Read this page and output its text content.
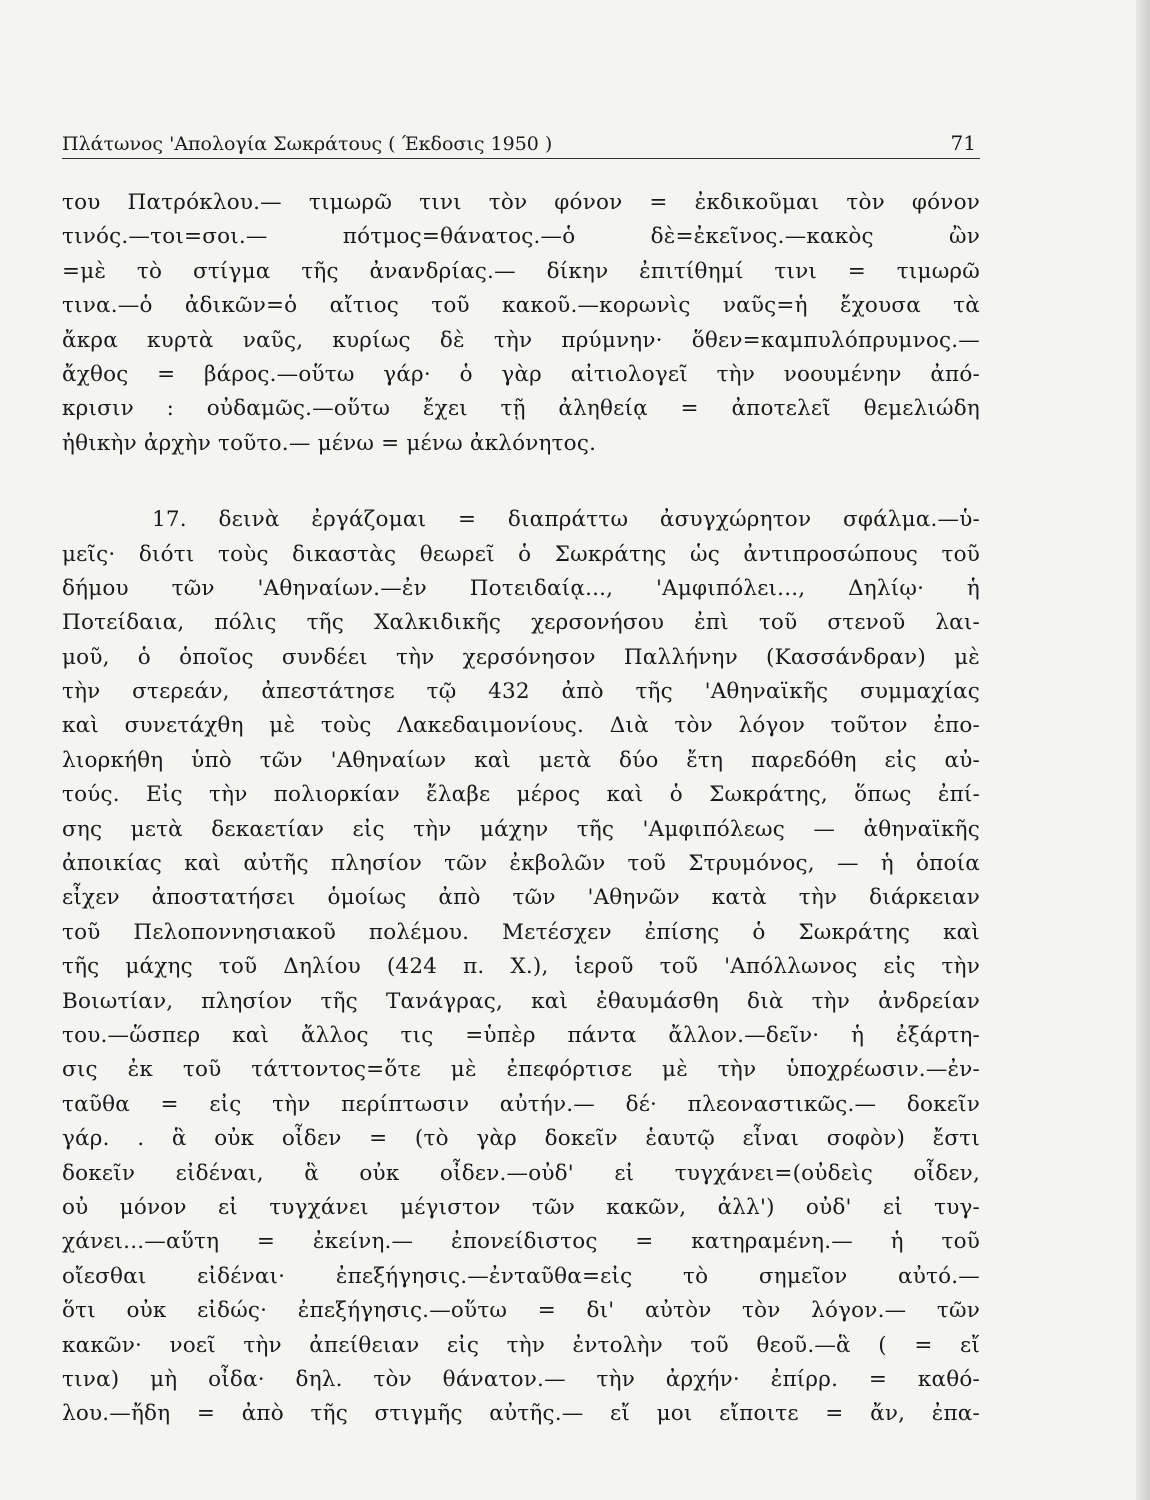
Πλάτωνος 'Απολογία Σωκράτους ( Έκδοσις 1950 )	71
του Πατρόκλου.— τιμωρῶ τινι τὸν φόνον = ἐκδικοῦμαι τὸν φόνον
τινός.—τοι=σοι.— πότμος=θάνατος.—ὁ δὲ=ἐκεῖνος.—κακὸς ὢν
=μὲ τὸ στίγμα τῆς ἀνανδρίας.— δίκην ἐπιτίθημί τινι = τιμωρῶ
τινα.—ὁ ἀδικῶν=ὁ αἴτιος τοῦ κακοῦ.—κορωνὶς ναῦς=ἡ ἔχουσα τὰ
ἄκρα κυρτὰ ναῦς, κυρίως δὲ τὴν πρύμνην· ὅθεν=καμπυλόπρυμνος.—
ἄχθος = βάρος.—οὕτω γάρ· ὁ γὰρ αἰτιολογεῖ τὴν νοουμένην ἀπό-
κρισιν : οὐδαμῶς.—οὕτω ἔχει τῇ ἀληθείᾳ = ἀποτελεῖ θεμελιώδη
ἠθικὴν ἀρχὴν τοῦτο.— μένω = μένω ἀκλόνητος.
17. δεινὰ ἐργάζομαι = διαπράττω ἀσυγχώρητον σφάλμα.—ὑ-
μεῖς· διότι τοὺς δικαστὰς θεωρεῖ ὁ Σωκράτης ὡς ἀντιπροσώπους τοῦ
δήμου τῶν 'Αθηναίων.—ἐν Ποτειδαίᾳ..., 'Αμφιπόλει..., Δηλίῳ· ἡ
Ποτείδαια, πόλις τῆς Χαλκιδικῆς χερσονήσου ἐπὶ τοῦ στενοῦ λαι-
μοῦ, ὁ ὁποῖος συνδέει τὴν χερσόνησον Παλλήνην (Κασσάνδραν) μὲ
τὴν στερεάν, ἀπεστάτησε τῷ 432 ἀπὸ τῆς 'Αθηναϊκῆς συμμαχίας
καὶ συνετάχθη μὲ τοὺς Λακεδαιμονίους. Διὰ τὸν λόγον τοῦτον ἐπο-
λιορκήθη ὑπὸ τῶν 'Αθηναίων καὶ μετὰ δύο ἔτη παρεδόθη εἰς αὐ-
τούς. Εἰς τὴν πολιορκίαν ἔλαβε μέρος καὶ ὁ Σωκράτης, ὅπως ἐπί-
σης μετὰ δεκαετίαν εἰς τὴν μάχην τῆς 'Αμφιπόλεως — ἀθηναϊκῆς
ἀποικίας καὶ αὐτῆς πλησίον τῶν ἐκβολῶν τοῦ Στρυμόνος, — ἡ ὁποία
εἶχεν ἀποστατήσει ὁμοίως ἀπὸ τῶν 'Αθηνῶν κατὰ τὴν διάρκειαν
τοῦ Πελοποννησιακοῦ πολέμου. Μετέσχεν ἐπίσης ὁ Σωκράτης καὶ
τῆς μάχης τοῦ Δηλίου (424 π. Χ.), ἱεροῦ τοῦ 'Απόλλωνος εἰς τὴν
Βοιωτίαν, πλησίον τῆς Τανάγρας, καὶ ἐθαυμάσθη διὰ τὴν ἀνδρείαν
του.—ὥσπερ καὶ ἄλλος τις =ὑπὲρ πάντα ἄλλον.—δεῖν· ἡ ἐξάρτη-
σις ἐκ τοῦ τάττοντος=ὅτε μὲ ἐπεφόρτισε μὲ τὴν ὑποχρέωσιν.—ἐν-
ταῦθα = εἰς τὴν περίπτωσιν αὐτήν.— δέ· πλεοναστικῶς.— δοκεῖν
γάρ. . ἃ οὐκ οἶδεν = (τὸ γὰρ δοκεῖν ἑαυτῷ εἶναι σοφὸν) ἔστι
δοκεῖν εἰδέναι, ἃ οὐκ οἶδεν.—οὐδ' εἰ τυγχάνει=(οὐδεὶς οἶδεν,
οὐ μόνον εἰ τυγχάνει μέγιστον τῶν κακῶν, ἀλλ') οὐδ' εἰ τυγ-
χάνει...—αὕτη = ἐκείνη.— ἐπονείδιστος = κατηραμένη.— ἡ τοῦ
οἴεσθαι εἰδέναι· ἐπεξήγησις.—ἐνταῦθα=εἰς τὸ σημεῖον αὐτό.—
ὅτι οὐκ εἰδώς· ἐπεξήγησις.—οὕτω = δι' αὐτὸν τὸν λόγον.— τῶν
κακῶν· νοεῖ τὴν ἀπείθειαν εἰς τὴν ἐντολὴν τοῦ θεοῦ.—ἃ ( = εἴ
τινα) μὴ οἶδα· δηλ. τὸν θάνατον.— τὴν ἀρχήν· ἐπίρρ. = καθό-
λου.—ἤδη = ἀπὸ τῆς στιγμῆς αὐτῆς.— εἴ μοι εἴποιτε = ἄν, ἐπα-
